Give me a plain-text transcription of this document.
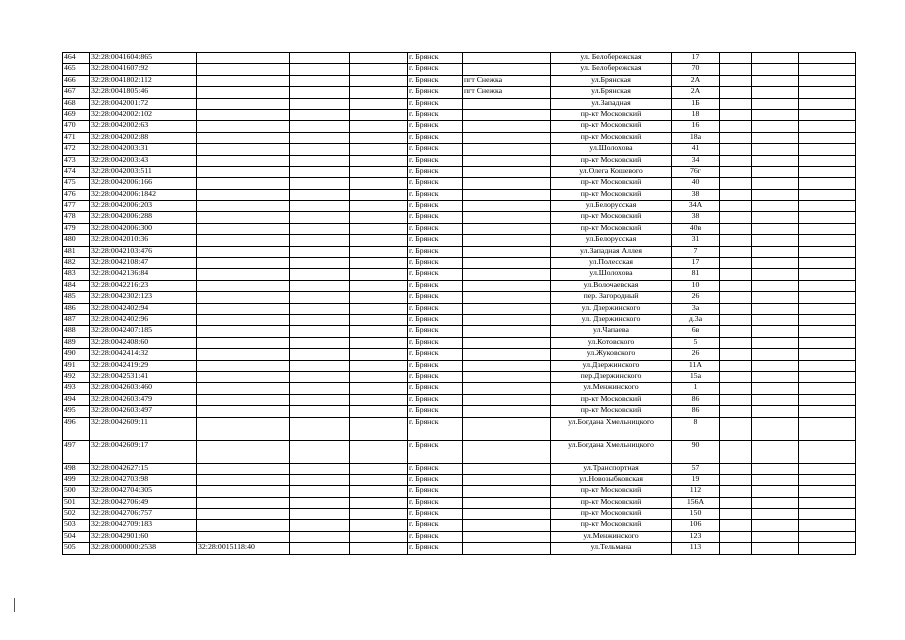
464	32:28:0041604:865				г. Брянск		ул. Белобережская	17			
465	32:28:0041607:92				г. Брянск		ул. Белобережская	70			
466	32:28:0041802:112				г. Брянск	пгт Снежка	ул.Брянская	2А			
467	32:28:0041805:46				г. Брянск	пгт Снежка	ул.Брянская	2А			
468	32:28:0042001:72				г. Брянск		ул.Западная	1Б			
469	32:28:0042002:102				г. Брянск		пр-кт Московский	18			
470	32:28:0042002:63				г. Брянск		пр-кт Московский	16			
471	32:28:0042002:88				г. Брянск		пр-кт Московский	18а			
472	32:28:0042003:31				г. Брянск		ул.Шолохова	41			
473	32:28:0042003:43				г. Брянск		пр-кт Московский	34			
474	32:28:0042003:511				г. Брянск		ул.Олега Кошевого	76г			
475	32:28:0042006:166				г. Брянск		пр-кт Московский	40			
476	32:28:0042006:1842				г. Брянск		пр-кт Московский	38			
477	32:28:0042006:203				г. Брянск		ул.Белорусская	34А			
478	32:28:0042006:288				г. Брянск		пр-кт Московский	38			
479	32:28:0042006:300				г. Брянск		пр-кт Московский	40в			
480	32:28:0042010:36				г. Брянск		ул.Белорусская	31			
481	32:28:0042103:476				г. Брянск		ул.Западная Аллея	7			
482	32:28:0042108:47				г. Брянск		ул.Полесская	17			
483	32:28:0042136:84				г. Брянск		ул.Шолохова	81			
484	32:28:0042216:23				г. Брянск		ул.Волочаевская	10			
485	32:28:0042302:123				г. Брянск		пер. Загородный	26			
486	32:28:0042402:94				г. Брянск		ул. Дзержинского	3а			
487	32:28:0042402:96				г. Брянск		ул. Дзержинского	д.3а			
488	32:28:0042407:185				г. Брянск		ул.Чапаева	6в			
489	32:28:0042408:60				г. Брянск		ул.Котовского	5			
490	32:28:0042414:32				г. Брянск		ул.Жуковского	26			
491	32:28:0042419:29				г. Брянск		ул.Дзержинского	11А			
492	32:28:0042531:41				г. Брянск		пер.Дзержинского	15а			
493	32:28:0042603:460				г. Брянск		ул.Менжинского	1			
494	32:28:0042603:479				г. Брянск		пр-кт Московский	86			
495	32:28:0042603:497				г. Брянск		пр-кт Московский	86			
496	32:28:0042609:11				г. Брянск		ул.Богдана Хмельницкого	8			
497	32:28:0042609:17				г. Брянск		ул.Богдана Хмельницкого	90			
498	32:28:0042627:15				г. Брянск		ул.Транспортная	57			
499	32:28:0042703:98				г. Брянск		ул.Новозыбковская	19			
500	32:28:0042704:305				г. Брянск		пр-кт Московский	112			
501	32:28:0042706:49				г. Брянск		пр-кт Московский	156А			
502	32:28:0042706:757				г. Брянск		пр-кт Московский	150			
503	32:28:0042709:183				г. Брянск		пр-кт Московский	106			
504	32:28:0042901:60				г. Брянск		ул.Менжинского	123			
505	32:28:0000000:2538	32:28:0015118:40			г. Брянск		ул.Тельмана	113			
